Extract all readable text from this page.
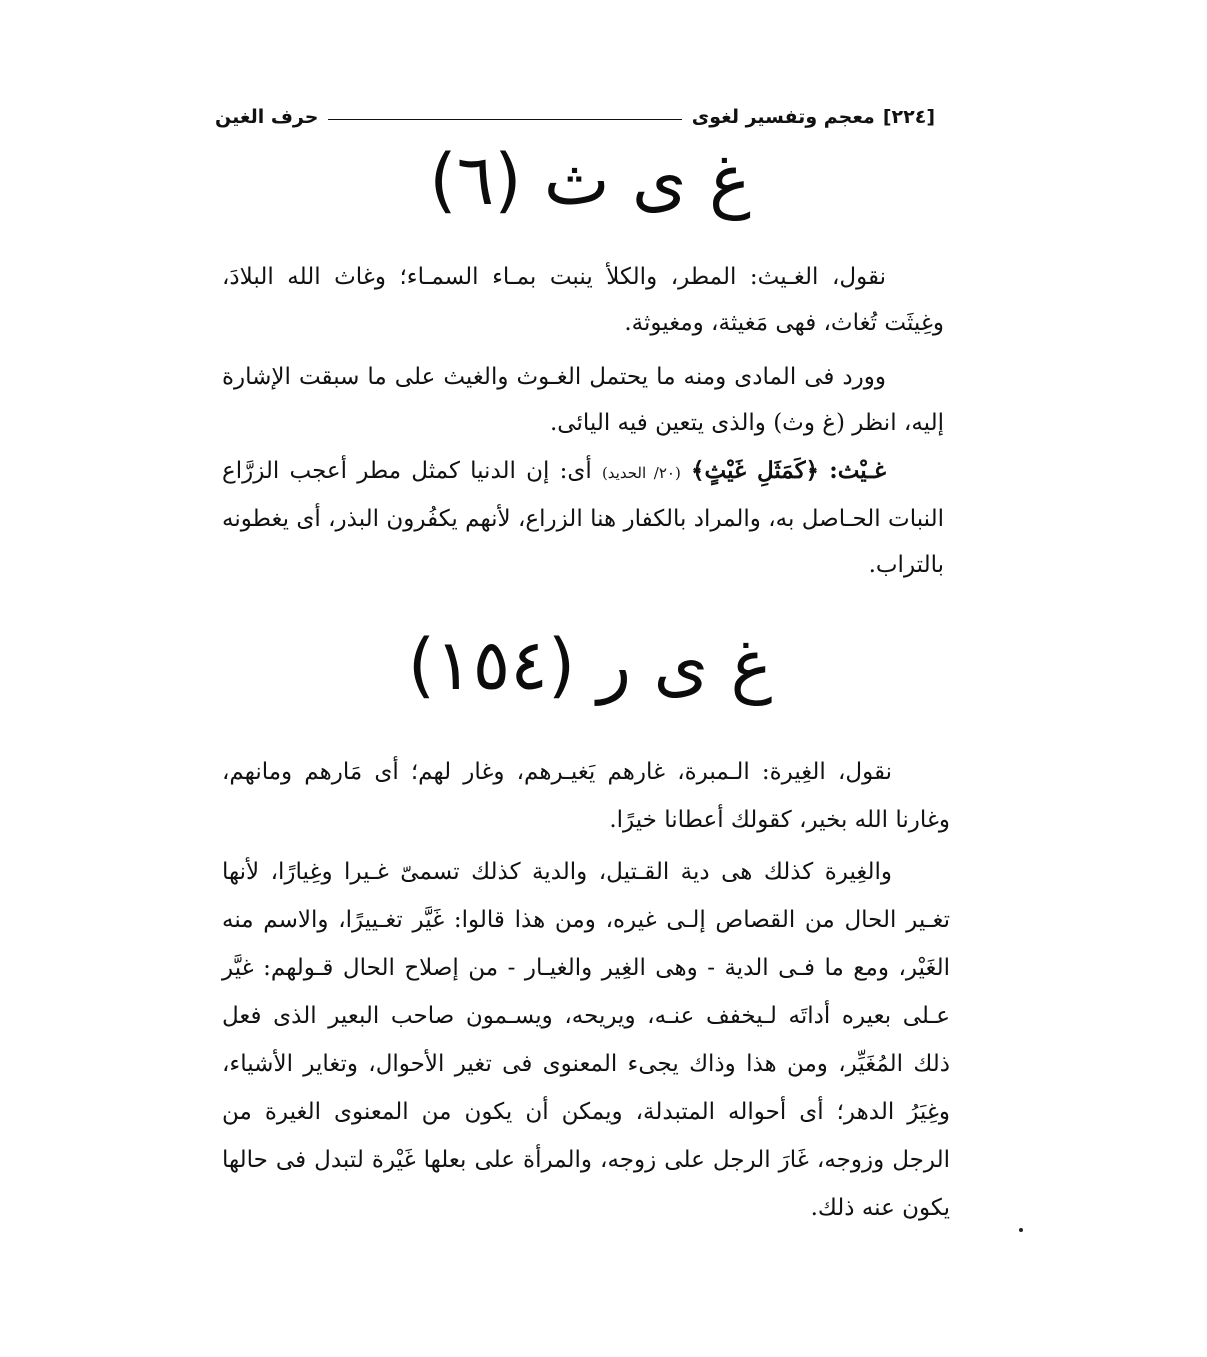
[٢٢٤]
معجم وتفسير لغوى
حرف الغين
غ ى ث (٦)

نقول، الغـيث: المطر، والكلأ ينبت بمـاء السمـاء؛ وغاث الله البلادَ، وغِيثَت تُغاث، فهى مَغيثة، ومغيوثة.

وورد فى المادى ومنه ما يحتمل الغـوث والغيث على ما سبقت الإشارة إليه، انظر (غ وث) والذى يتعين فيه اليائى.

غـيْث: ﴿كَمَثَلِ غَيْثٍ﴾ (٢٠/ الحديد) أى: إن الدنيا كمثل مطر أعجب الزرَّاع النبات الحـاصل به، والمراد بالكفار هنا الزراع، لأنهم يكفُرون البذر، أى يغطونه بالتراب.

غ ى ر (١٥٤)

نقول، الغِيرة: الـمبرة، غارهم يَغيـرهم، وغار لهم؛ أى مَارهم ومانهم، وغارنا الله بخير، كقولك أعطانا خيرًا.

والغِيرة كذلك هى دية القـتيل، والدية كذلك تسمىّ غـيرا وغِيارًا، لأنها تغـير الحال من القصاص إلـى غيره، ومن هذا قالوا: غَيَّر تغـييرًا، والاسم منه الغَيْر، ومع ما فـى الدية - وهى الغِير والغيـار - من إصلاح الحال قـولهم: غيَّر عـلى بعيره أداتَه لـيخفف عنـه، ويريحه، ويسـمون صاحب البعير الذى فعل ذلك المُغَيِّر، ومن هذا وذاك يجىء المعنوى فى تغير الأحوال، وتغاير الأشياء، وغِيَرُ الدهر؛ أى أحواله المتبدلة، ويمكن أن يكون من المعنوى الغيرة من الرجل وزوجه، غَارَ الرجل على زوجه، والمرأة على بعلها غَيْرة لتبدل فى حالها يكون عنه ذلك.
